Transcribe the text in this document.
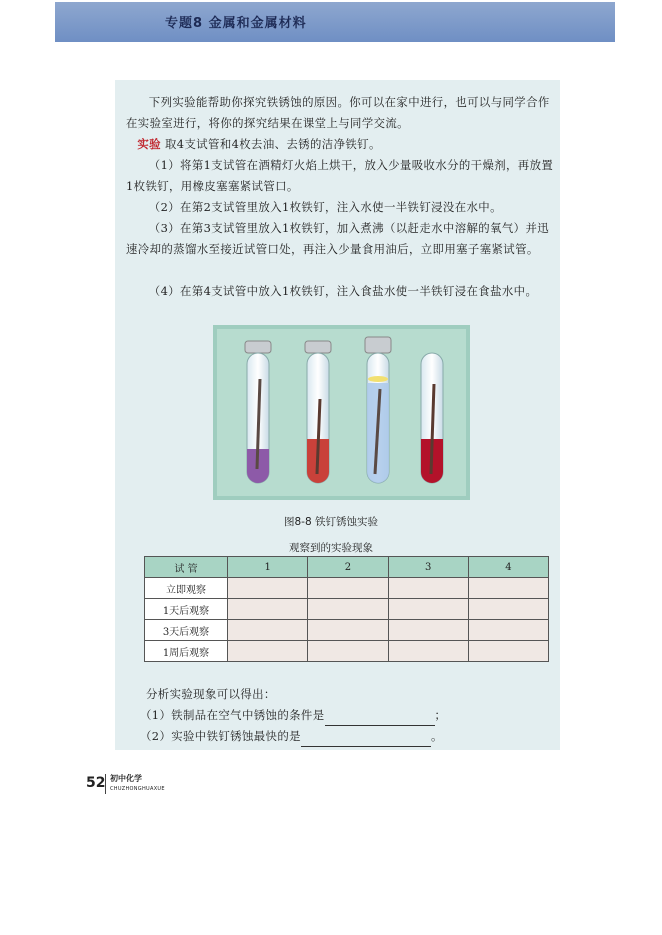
专题8 金属和金属材料
下列实验能帮助你探究铁锈蚀的原因。你可以在家中进行，也可以与同学合作在实验室进行，将你的探究结果在课堂上与同学交流。
实验 取4支试管和4枚去油、去锈的洁净铁钉。
（1）将第1支试管在酒精灯火焰上烘干，放入少量吸收水分的干燥剂，再放置1枚铁钉，用橡皮塞塞紧试管口。
（2）在第2支试管里放入1枚铁钉，注入水使一半铁钉浸没在水中。
（3）在第3支试管里放入1枚铁钉，加入煮沸（以赶走水中溶解的氧气）并迅速冷却的蒸馏水至接近试管口处，再注入少量食用油后，立即用塞子塞紧试管。
（4）在第4支试管中放入1枚铁钉，注入食盐水使一半铁钉浸在食盐水中。
图8-8 铁钉锈蚀实验
观察到的实验现象
试 管	1	2	3	4
立即观察				
1天后观察				
3天后观察				
1周后观察				
分析实验现象可以得出：
（1）铁制品在空气中锈蚀的条件是	；
（2）实验中铁钉锈蚀最快的是	。
52 初中化学
CHUZHONGHUAXUE
